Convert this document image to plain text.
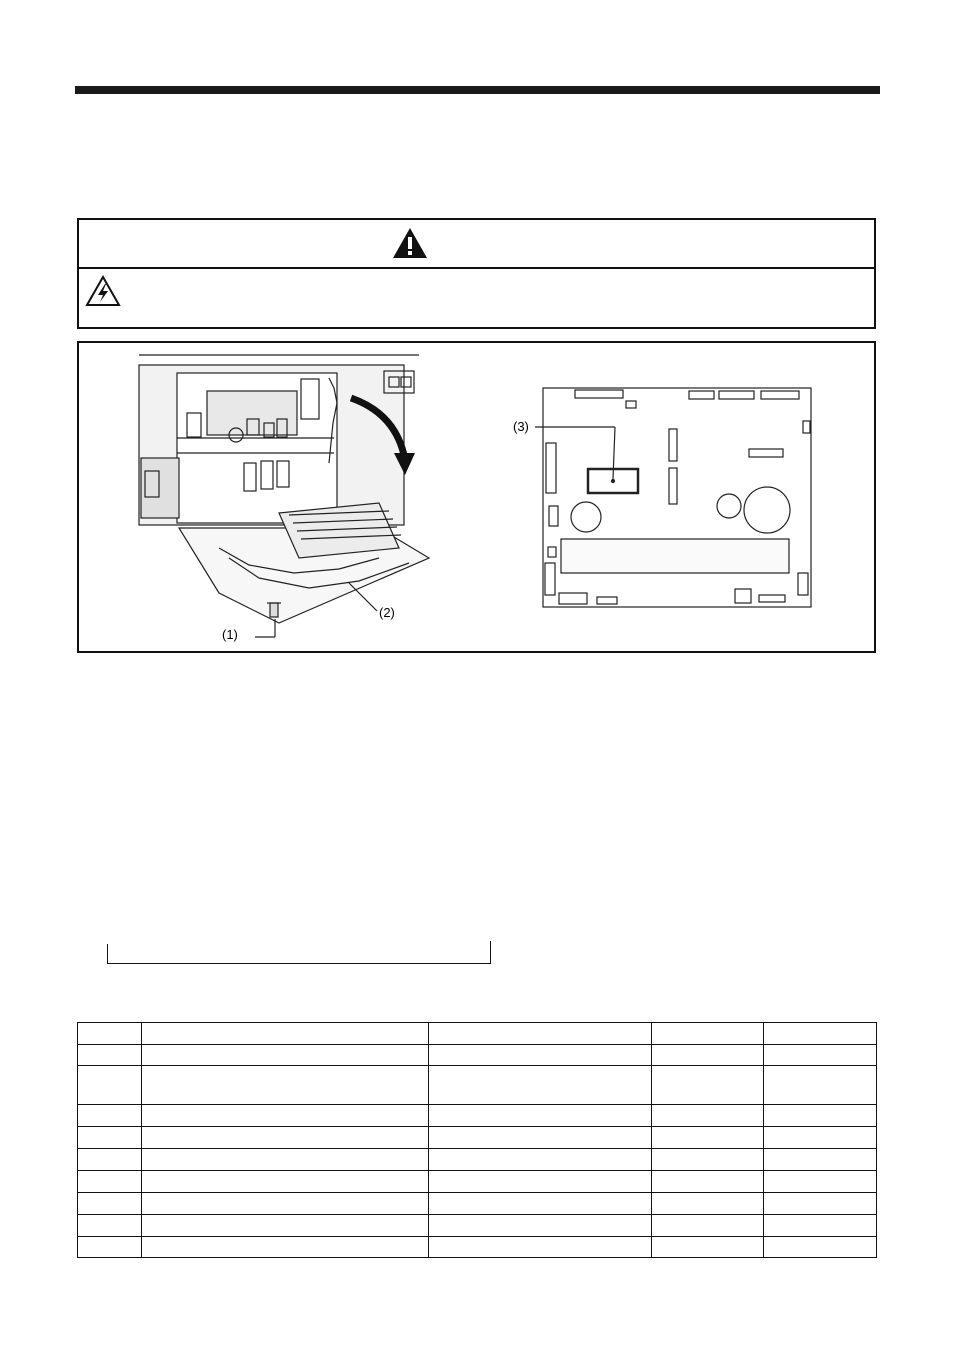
(1)
(2)
(3)
